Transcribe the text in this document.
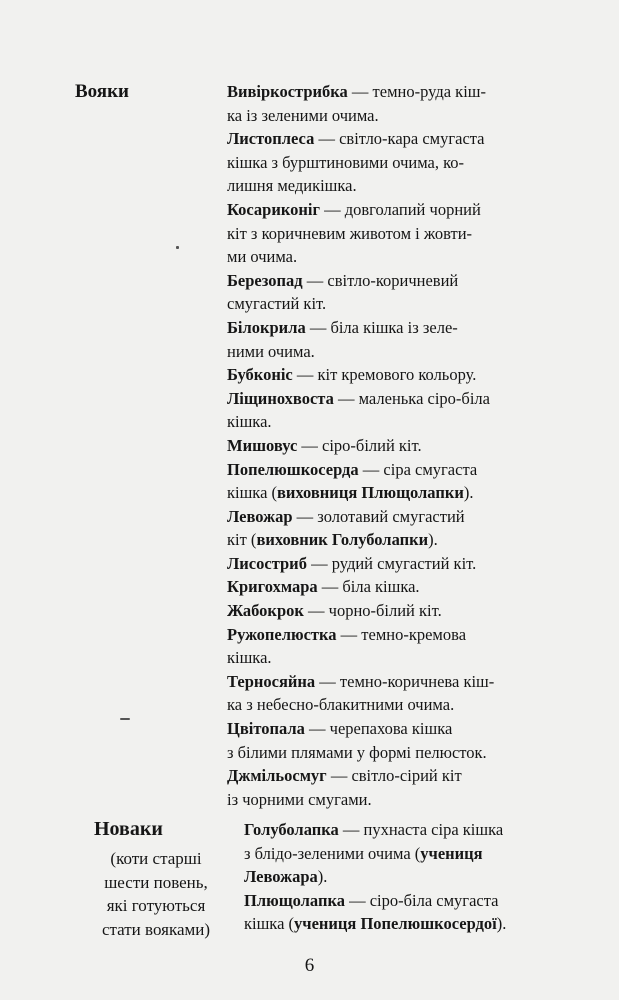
Вояки	Вивіркострибка — темно-руда кіш-
ка із зеленими очима.
Листоплеса — світло-кара смугаста
кішка з бурштиновими очима, ко-
лишня медикішка.
Косариконіг — довголапий чорний
кіт з коричневим животом і жовти-
ми очима.
Березопад — світло-коричневий
смугастий кіт.
Білокрила — біла кішка із зеле-
ними очима.
Бубконіс — кіт кремового кольору.
Ліщинохвоста — маленька сіро-біла
кішка.
Мишовус — сіро-білий кіт.
Попелюшкосерда — сіра смугаста
кішка (виховниця Плющолапки).
Левожар — золотавий смугастий
кіт (виховник Голуболапки).
Лисостриб — рудий смугастий кіт.
Кригохмара — біла кішка.
Жабокрок — чорно-білий кіт.
Ружопелюстка — темно-кремова
кішка.
Терносяйна — темно-коричнева кіш-
ка з небесно-блакитними очима.
Цвітопала — черепахова кішка
з білими плямами у формі пелюсток.
Джмільосмуг — світло-сірий кіт
із чорними смугами.
Новаки
(коти старші
шести повень,
які готуються
стати вояками)
Голуболапка — пухнаста сіра кішка
з блідо-зеленими очима (учениця
Левожара).
Плющолапка — сіро-біла смугаста
кішка (учениця Попелюшкосердої).
6
